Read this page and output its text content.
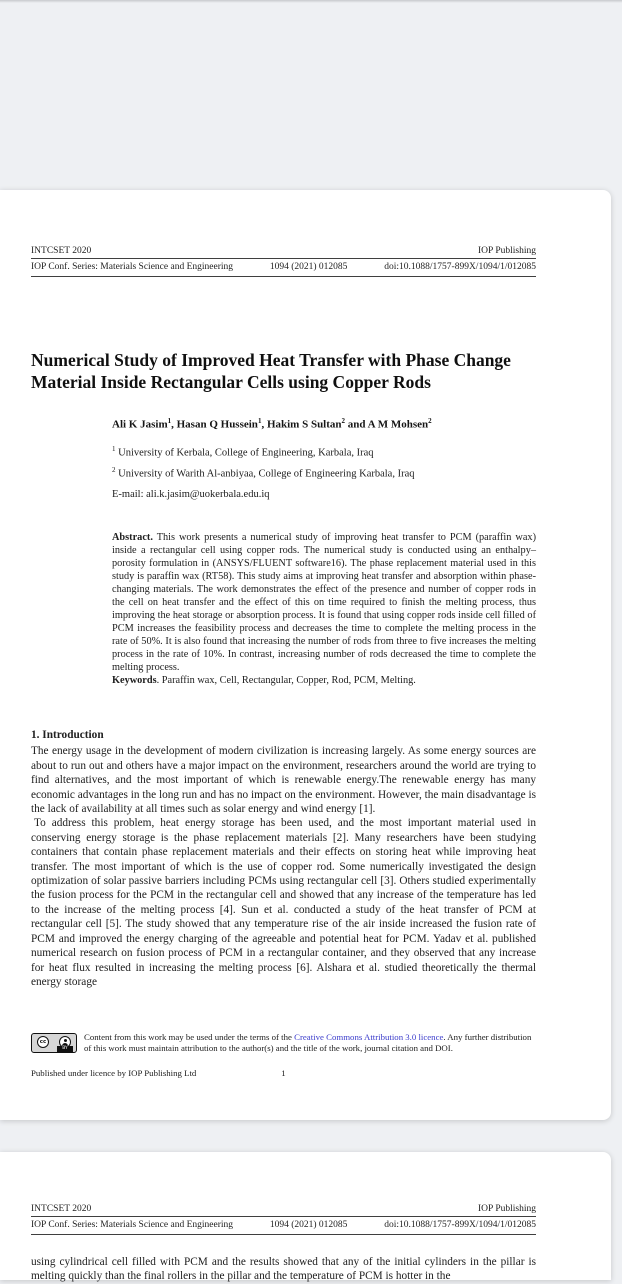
INTCSET 2020	IOP Publishing
IOP Conf. Series: Materials Science and Engineering	1094 (2021) 012085	doi:10.1088/1757-899X/1094/1/012085
Numerical Study of Improved Heat Transfer with Phase Change Material Inside Rectangular Cells using Copper Rods

Ali K Jasim$^1$, Hasan Q Hussein$^1$, Hakim S Sultan$^2$ and A M Mohsen$^2$

$^1$ University of Kerbala, College of Engineering, Karbala, Iraq

$^2$ University of Warith Al-anbiyaa, College of Engineering Karbala, Iraq

E-mail: ali.k.jasim@uokerbala.edu.iq

Abstract. This work presents a numerical study of improving heat transfer to PCM (paraffin wax) inside a rectangular cell using copper rods. The numerical study is conducted using an enthalpy–porosity formulation in (ANSYS/FLUENT software16). The phase replacement material used in this study is paraffin wax (RT58). This study aims at improving heat transfer and absorption within phase-changing materials. The work demonstrates the effect of the presence and number of copper rods in the cell on heat transfer and the effect of this on time required to finish the melting process, thus improving the heat storage or absorption process. It is found that using copper rods inside cell filled of PCM increases the feasibility process and decreases the time to complete the melting process in the rate of 50%. It is also found that increasing the number of rods from three to five increases the melting process in the rate of 10%. In contrast, increasing number of rods decreased the time to complete the melting process.

Keywords. Paraffin wax, Cell, Rectangular, Copper, Rod, PCM, Melting.

1. Introduction

The energy usage in the development of modern civilization is increasing largely. As some energy sources are about to run out and others have a major impact on the environment, researchers around the world are trying to find alternatives, and the most important of which is renewable energy.The renewable energy has many economic advantages in the long run and has no impact on the environment. However, the main disadvantage is the lack of availability at all times such as solar energy and wind energy [1].

To address this problem, heat energy storage has been used, and the most important material used in conserving energy storage is the phase replacement materials [2]. Many researchers have been studying containers that contain phase replacement materials and their effects on storing heat while improving heat transfer. The most important of which is the use of copper rod. Some numerically investigated the design optimization of solar passive barriers including PCMs using rectangular cell [3]. Others studied experimentally the fusion process for the PCM in the rectangular cell and showed that any increase of the temperature has led to the increase of the melting process [4]. Sun et al. conducted a study of the heat transfer of PCM at rectangular cell [5]. The study showed that any temperature rise of the air inside increased the fusion rate of PCM and improved the energy charging of the agreeable and potential heat for PCM. Yadav et al. published numerical research on fusion process of PCM in a rectangular container, and they observed that any increase for heat flux resulted in increasing the melting process [6]. Alshara et al. studied theoretically the thermal energy storage

cc
BY

Content from this work may be used under the terms of the Creative Commons Attribution 3.0 licence. Any further distribution of this work must maintain attribution to the author(s) and the title of the work, journal citation and DOI.

Published under licence by IOP Publishing Ltd	1
INTCSET 2020	IOP Publishing
IOP Conf. Series: Materials Science and Engineering	1094 (2021) 012085	doi:10.1088/1757-899X/1094/1/012085

using cylindrical cell filled with PCM and the results showed that any of the initial cylinders in the pillar is melting quickly than the final rollers in the pillar and the temperature of PCM is hotter in the
